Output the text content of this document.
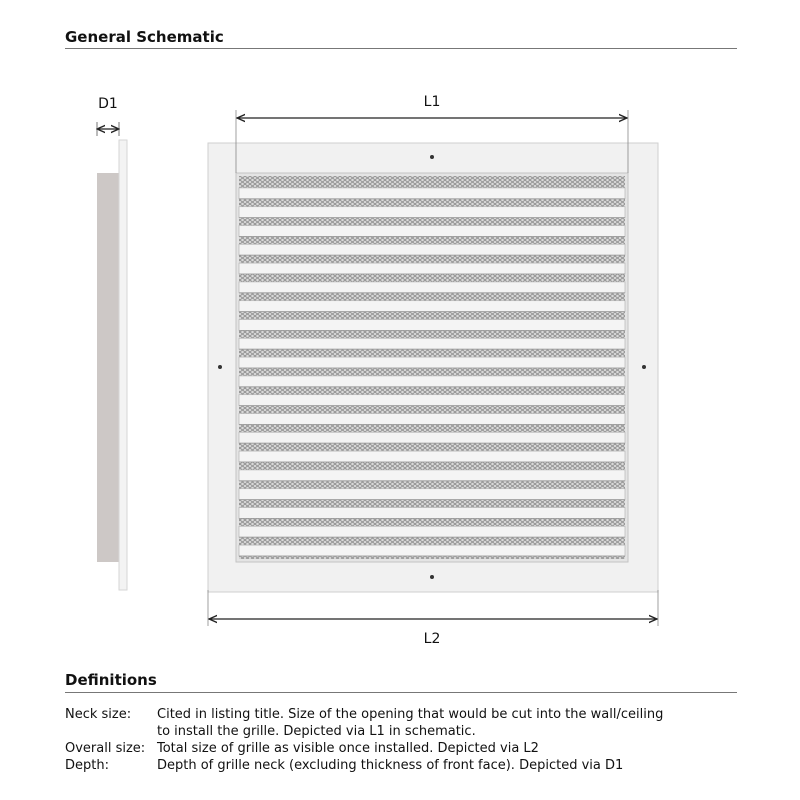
General Schematic
D1	L1
L2
Definitions
Neck size:	Cited in listing title. Size of the opening that would be cut into the wall/ceiling to install the grille. Depicted via L1 in schematic.
Overall size: Total size of grille as visible once installed. Depicted via L2
Depth:	Depth of grille neck (excluding thickness of front face). Depicted via D1
